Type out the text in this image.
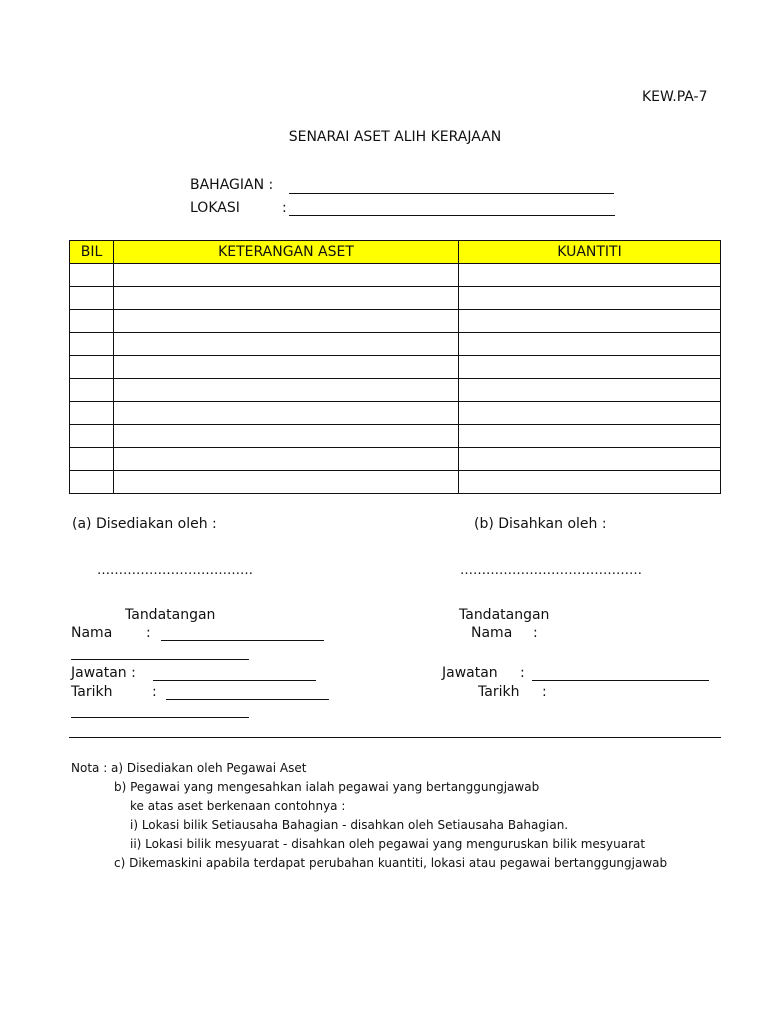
KEW.PA-7
SENARAI ASET ALIH KERAJAAN
BAHAGIAN :
LOKASI	:
BIL	KETERANGAN ASET	KUANTITI

(a) Disediakan oleh :	(b) Disahkan oleh :
………………………………	……………………………………
Tandatangan	Tandatangan
Nama :	Nama :
Jawatan :	Jawatan :
Tarikh	:	Tarikh :
Nota : a) Disediakan oleh Pegawai Aset
b) Pegawai yang mengesahkan ialah pegawai yang bertanggungjawab
ke atas aset berkenaan contohnya :
i) Lokasi bilik Setiausaha Bahagian - disahkan oleh Setiausaha Bahagian.
ii) Lokasi bilik mesyuarat - disahkan oleh pegawai yang menguruskan bilik mesyuarat
c) Dikemaskini apabila terdapat perubahan kuantiti, lokasi atau pegawai bertanggungjawab
